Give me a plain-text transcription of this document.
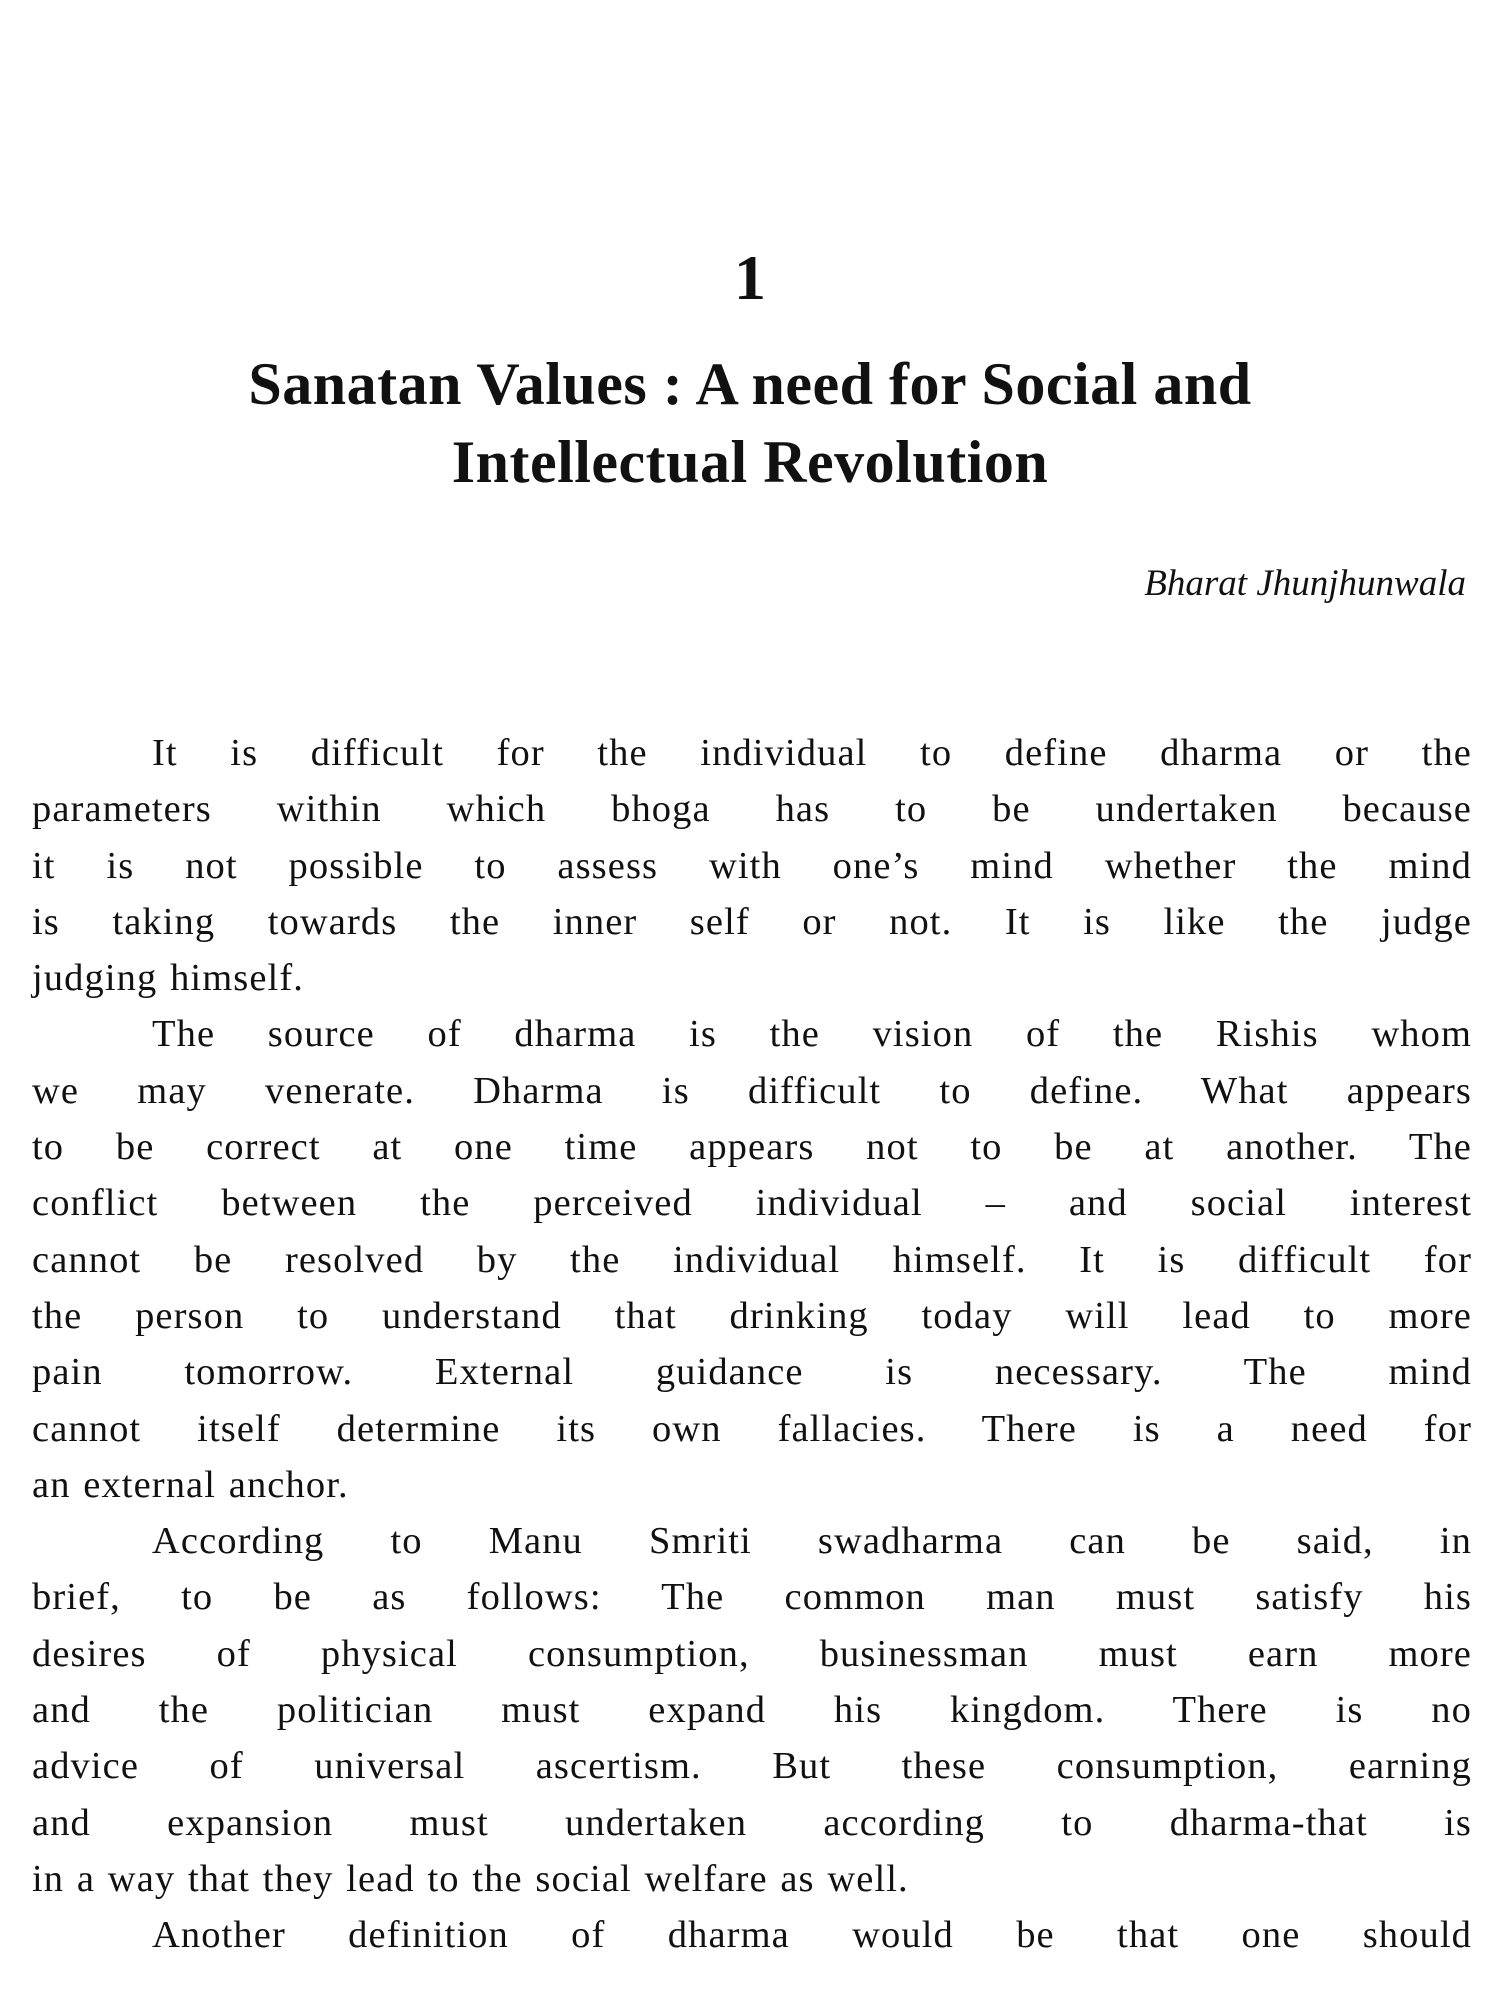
1
Sanatan Values : A need for Social and
Intellectual Revolution
Bharat Jhunjhunwala
It is difficult for the individual to define dharma or the
parameters within which bhoga has to be undertaken because
it is not possible to assess with one’s mind whether the mind
is taking towards the inner self or not. It is like the judge
judging himself.
The source of dharma is the vision of the Rishis whom
we may venerate. Dharma is difficult to define. What appears
to be correct at one time appears not to be at another. The
conflict between the perceived individual – and social interest
cannot be resolved by the individual himself. It is difficult for
the person to understand that drinking today will lead to more
pain tomorrow. External guidance is necessary. The mind
cannot itself determine its own fallacies. There is a need for
an external anchor.
According to Manu Smriti swadharma can be said, in
brief, to be as follows: The common man must satisfy his
desires of physical consumption, businessman must earn more
and the politician must expand his kingdom. There is no
advice of universal ascertism. But these consumption, earning
and expansion must undertaken according to dharma-that is
in a way that they lead to the social welfare as well.
Another definition of dharma would be that one should
